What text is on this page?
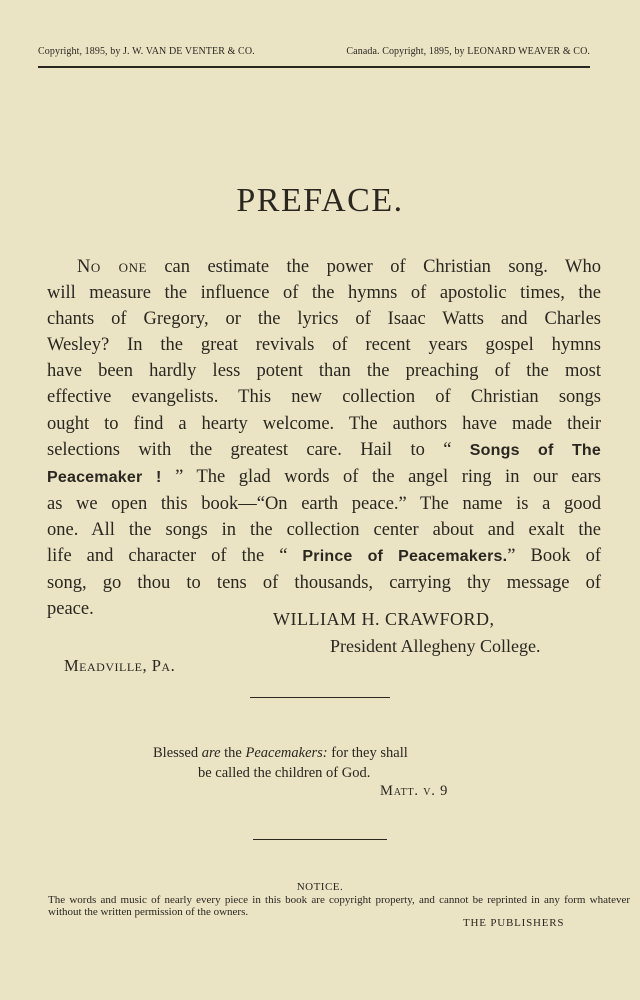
Copyright, 1895, by J. W. VAN DE VENTER & CO.	Canada. Copyright, 1895, by LEONARD WEAVER & CO.
PREFACE.
No one can estimate the power of Christian song. Who
will measure the influence of the hymns of apostolic times, the
chants of Gregory, or the lyrics of Isaac Watts and Charles
Wesley? In the great revivals of recent years gospel hymns
have been hardly less potent than the preaching of the most
effective evangelists. This new collection of Christian songs
ought to find a hearty welcome. The authors have made their
selections with the greatest care. Hail to “ Songs of The
Peacemaker ! ” The glad words of the angel ring in our ears
as we open this book—“On earth peace.” The name is a good
one. All the songs in the collection center about and exalt the
life and character of the “ Prince of Peacemakers.” Book of
song, go thou to tens of thousands, carrying thy message of
peace.	WILLIAM H. CRAWFORD,
President Allegheny College.
Meadville, Pa.
Blessed are the Peacemakers: for they shall
be called the children of God.
Matt. v. 9
NOTICE.
The words and music of nearly every piece in this book are copyright property, and cannot be reprinted in any form whatever without the written permission of the owners.
THE PUBLISHERS
